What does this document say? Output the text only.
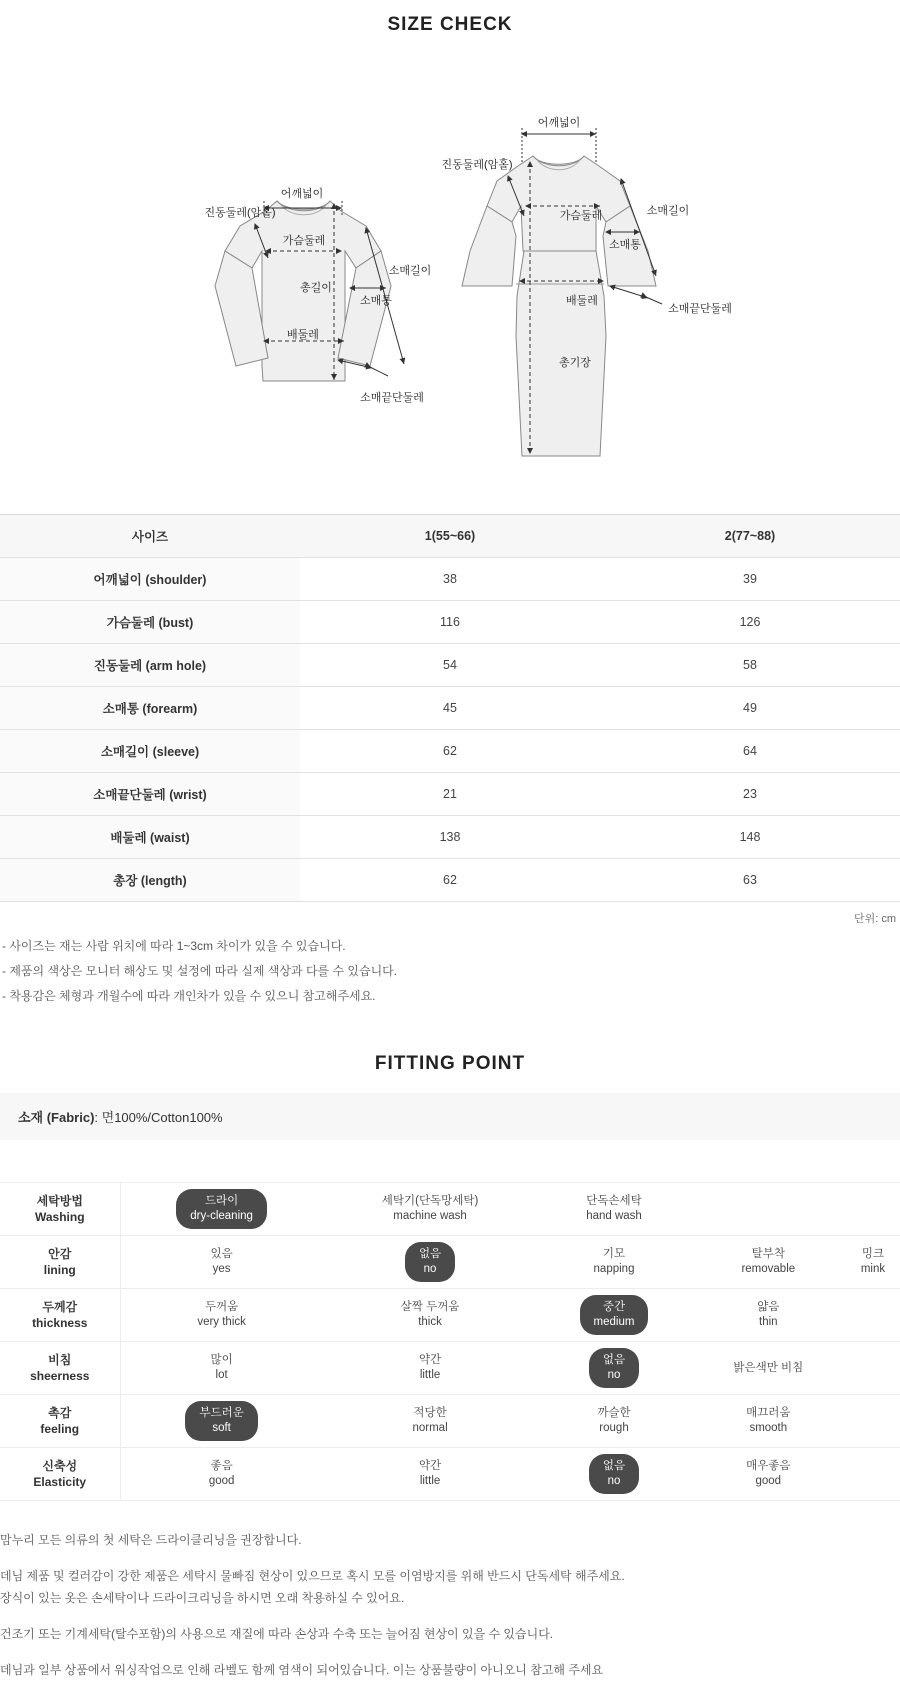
SIZE CHECK
어깨넓이
진동둘레(암홀)
가슴둘레
총길이
배둘레
소매길이
소매통
소매끝단둘레
어깨넓이
진동둘레(암홀)
가슴둘레	소매길이
소매통
배둘레
소매끝단둘레
총기장
사이즈	1(55~66)	2(77~88)
어깨넓이 (shoulder)	38	39
가슴둘레 (bust)	116	126
진동둘레 (arm hole)	54	58
소매통 (forearm)	45	49
소매길이 (sleeve)	62	64
소매끝단둘레 (wrist)	21	23
배둘레 (waist)	138	148
총장 (length)	62	63
단위: cm
- 사이즈는 재는 사람 위치에 따라 1~3cm 차이가 있을 수 있습니다.
- 제품의 색상은 모니터 해상도 및 설정에 따라 실제 색상과 다를 수 있습니다.
- 착용감은 체형과 개월수에 따라 개인차가 있을 수 있으니 참고해주세요.
FITTING POINT
소재 (Fabric): 면100%/Cotton100%
세탁방법
Washing
	드라이
dry-cleaning	세탁기(단독망세탁)
machine wash	단독손세탁
hand wash	

안감
lining
	있음
yes	없음
no	기모
napping	탈부착
removable	밍크
mink

두께감
thickness
	두꺼움
very thick	살짝 두꺼움
thick	중간
medium	얇음
thin	

비침
sheerness
	많이
lot	약간
little	없음
no	밝은색만 비침

촉감
feeling
	부드러운
soft	적당한
normal	까슬한
rough	매끄러움
smooth	

신축성
Elasticity
	좋음
good	약간
little	없음
no	매우좋음
good	

맘누리 모든 의류의 첫 세탁은 드라이클리닝을 권장합니다.

데님 제품 및 컬러감이 강한 제품은 세탁시 물빠짐 현상이 있으므로 혹시 모를 이염방지를 위해 반드시 단독세탁 해주세요.

장식이 있는 옷은 손세탁이나 드라이크리닝을 하시면 오래 착용하실 수 있어요.

건조기 또는 기계세탁(탈수포함)의 사용으로 재질에 따라 손상과 수축 또는 늘어짐 현상이 있을 수 있습니다.

데님과 일부 상품에서 워싱작업으로 인해 라벨도 함께 염색이 되어있습니다. 이는 상품불량이 아니오니 참고해 주세요
